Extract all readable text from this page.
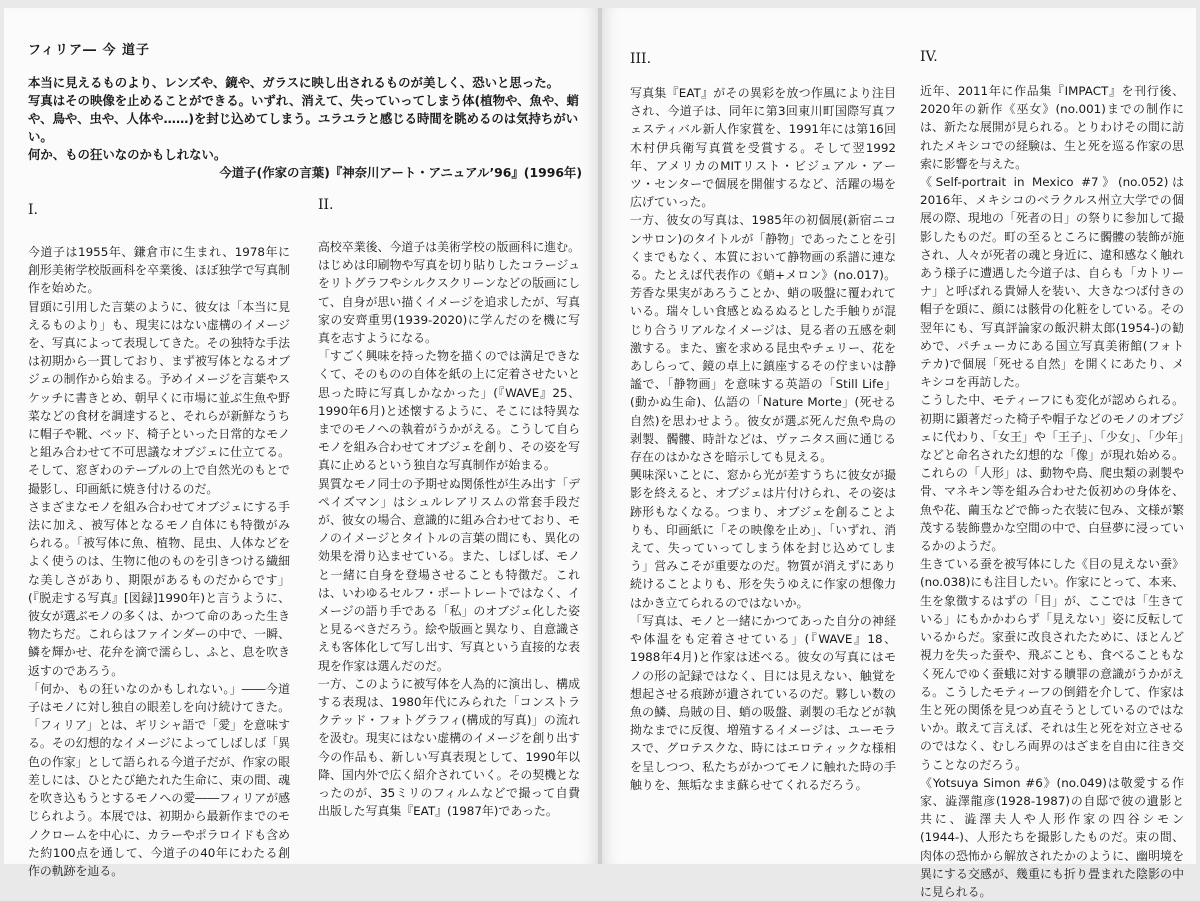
フィリア― 今 道子

本当に見えるものより、レンズや、鏡や、ガラスに映し出されるものが美しく、恐いと思った。

写真はその映像を止めることができる。いずれ、消えて、失っていってしまう体(植物や、魚や、蛸や、鳥や、虫や、人体や……)を封じ込めてしまう。ユラユラと感じる時間を眺めるのは気持ちがいい。

何か、もの狂いなのかもしれない。

今道子(作家の言葉)『神奈川アート・アニュアル’96』(1996年)

I.

今道子は1955年、鎌倉市に生まれ、1978年に創形美術学校版画科を卒業後、ほぼ独学で写真制作を始めた。

冒頭に引用した言葉のように、彼女は「本当に見えるものより」も、現実にはない虚構のイメージを、写真によって表現してきた。その独特な手法は初期から一貫しており、まず被写体となるオブジェの制作から始まる。予めイメージを言葉やスケッチに書きとめ、朝早くに市場に並ぶ生魚や野菜などの食材を調達すると、それらが新鮮なうちに帽子や靴、ベッド、椅子といった日常的なモノと組み合わせて不可思議なオブジェに仕立てる。そして、窓ぎわのテーブルの上で自然光のもとで撮影し、印画紙に焼き付けるのだ。

さまざまなモノを組み合わせてオブジェにする手法に加え、被写体となるモノ自体にも特徴がみられる。「被写体に魚、植物、昆虫、人体などをよく使うのは、生物に他のものを引きつける繊細な美しさがあり、期限があるものだからです」(『脱走する写真』[図録]1990年)と言うように、彼女が選ぶモノの多くは、かつて命のあった生き物たちだ。これらはファインダーの中で、一瞬、鱗を輝かせ、花弁を滴で濡らし、ふと、息を吹き返すのであろう。

「何か、もの狂いなのかもしれない。」――今道子はモノに対し独自の眼差しを向け続けてきた。「フィリア」とは、ギリシャ語で「愛」を意味する。その幻想的なイメージによってしばしば「異色の作家」として語られる今道子だが、作家の眼差しには、ひとたび絶たれた生命に、束の間、魂を吹き込もうとするモノへの愛――フィリアが感じられよう。本展では、初期から最新作までのモノクロームを中心に、カラーやポラロイドも含めた約100点を通して、今道子の40年にわたる創作の軌跡を辿る。

II.

高校卒業後、今道子は美術学校の版画科に進む。はじめは印刷物や写真を切り貼りしたコラージュをリトグラフやシルクスクリーンなどの版画にして、自身が思い描くイメージを追求したが、写真家の安齊重男(1939-2020)に学んだのを機に写真を志すようになる。

「すごく興味を持った物を描くのでは満足できなくて、そのものの自体を紙の上に定着させたいと思った時に写真しかなかった」(『WAVE』25、1990年6月)と述懐するように、そこには特異なまでのモノへの執着がうかがえる。こうして自らモノを組み合わせてオブジェを創り、その姿を写真に止めるという独自な写真制作が始まる。

異質なモノ同士の予期せぬ関係性が生み出す「デペイズマン」はシュルレアリスムの常套手段だが、彼女の場合、意識的に組み合わせており、モノのイメージとタイトルの言葉の間にも、異化の効果を滑り込ませている。また、しばしば、モノと一緒に自身を登場させることも特徴だ。これは、いわゆるセルフ・ポートレートではなく、イメージの語り手である「私」のオブジェ化した姿と見るべきだろう。絵や版画と異なり、自意識さえも客体化して写し出す、写真という直接的な表現を作家は選んだのだ。

一方、このように被写体を人為的に演出し、構成する表現は、1980年代にみられた「コンストラクテッド・フォトグラフィ(構成的写真)」の流れを汲む。現実にはない虚構のイメージを創り出す今の作品も、新しい写真表現として、1990年以降、国内外で広く紹介されていく。その契機となったのが、35ミリのフィルムなどで撮って自費出版した写真集『EAT』(1987年)であった。

III.

写真集『EAT』がその異彩を放つ作風により注目され、今道子は、同年に第3回東川町国際写真フェスティバル新人作家賞を、1991年には第16回木村伊兵衛写真賞を受賞する。そして翌1992年、アメリカのMITリスト・ビジュアル・アーツ・センターで個展を開催するなど、活躍の場を広げていった。

一方、彼女の写真は、1985年の初個展(新宿ニコンサロン)のタイトルが「静物」であったことを引くまでもなく、本質において静物画の系譜に連なる。たとえば代表作の《蛸+メロン》(no.017)。芳香な果実があろうことか、蛸の吸盤に覆われている。瑞々しい食感とぬるぬるとした手触りが混じり合うリアルなイメージは、見る者の五感を刺激する。また、蜜を求める昆虫やチェリー、花をあしらって、鏡の卓上に鎮座するその佇まいは静謐で、「静物画」を意味する英語の「Still Life」(動かぬ生命)、仏語の「Nature Morte」(死せる自然)を思わせよう。彼女が選ぶ死んだ魚や鳥の剥製、髑髏、時計などは、ヴァニタス画に通じる存在のはかなさを暗示しても見える。

興味深いことに、窓から光が差すうちに彼女が撮影を終えると、オブジェは片付けられ、その姿は跡形もなくなる。つまり、オブジェを創ることよりも、印画紙に「その映像を止め」、「いずれ、消えて、失っていってしまう体を封じ込めてしまう」営みこそが重要なのだ。物質が消えずにあり続けることよりも、形を失うゆえに作家の想像力はかき立てられるのではないか。

「写真は、モノと一緒にかつてあった自分の神経や体温をも定着させている」(『WAVE』18、1988年4月)と作家は述べる。彼女の写真にはモノの形の記録ではなく、目には見えない、触覚を想起させる痕跡が遺されているのだ。夥しい数の魚の鱗、烏賊の目、蛸の吸盤、剥製の毛などが執拗なまでに反復、増殖するイメージは、ユーモラスで、グロテスクな、時にはエロティックな様相を呈しつつ、私たちがかつてモノに触れた時の手触りを、無垢なまま蘇らせてくれるだろう。

IV.

近年、2011年に作品集『IMPACT』を刊行後、2020年の新作《巫女》(no.001)までの制作には、新たな展開が見られる。とりわけその間に訪れたメキシコでの経験は、生と死を巡る作家の思索に影響を与えた。

《Self-portrait in Mexico #7》(no.052)は2016年、メキシコのベラクルス州立大学での個展の際、現地の「死者の日」の祭りに参加して撮影したものだ。町の至るところに髑髏の装飾が施され、人々が死者の魂と身近に、違和感なく触れあう様子に遭遇した今道子は、自らも「カトリーナ」と呼ばれる貴婦人を装い、大きなつば付きの帽子を頭に、顔には骸骨の化粧をしている。その翌年にも、写真評論家の飯沢耕太郎(1954-)の勧めで、パチューカにある国立写真美術館(フォトテカ)で個展「死せる自然」を開くにあたり、メキシコを再訪した。

こうした中、モティーフにも変化が認められる。初期に顕著だった椅子や帽子などのモノのオブジェに代わり、「女王」や「王子」、「少女」、「少年」などと命名された幻想的な「像」が現れ始める。これらの「人形」は、動物や鳥、爬虫類の剥製や骨、マネキン等を組み合わせた仮初めの身体を、魚や花、繭玉などで飾った衣装に包み、文様が繁茂する装飾豊かな空間の中で、白昼夢に浸っているかのようだ。

生きている蚕を被写体にした《目の見えない蚕》(no.038)にも注目したい。作家にとって、本来、生を象徴するはずの「目」が、ここでは「生きている」にもかかわらず「見えない」姿に反転しているからだ。家蚕に改良されたために、ほとんど視力を失った蚕や、飛ぶことも、食べることもなく死んでゆく蚕蛾に対する贖罪の意識がうかがえる。こうしたモティーフの倒錯を介して、作家は生と死の関係を見つめ直そうとしているのではないか。敢えて言えば、それは生と死を対立させるのではなく、むしろ両界のはざまを自由に往き交うことなのだろう。

《Yotsuya Simon #6》(no.049)は敬愛する作家、澁澤龍彦(1928-1987)の自邸で彼の遺影と共に、澁澤夫人や人形作家の四谷シモン(1944-)、人形たちを撮影したものだ。束の間、肉体の恐怖から解放されたかのように、幽明境を異にする交感が、幾重にも折り畳まれた陰影の中に見られる。
